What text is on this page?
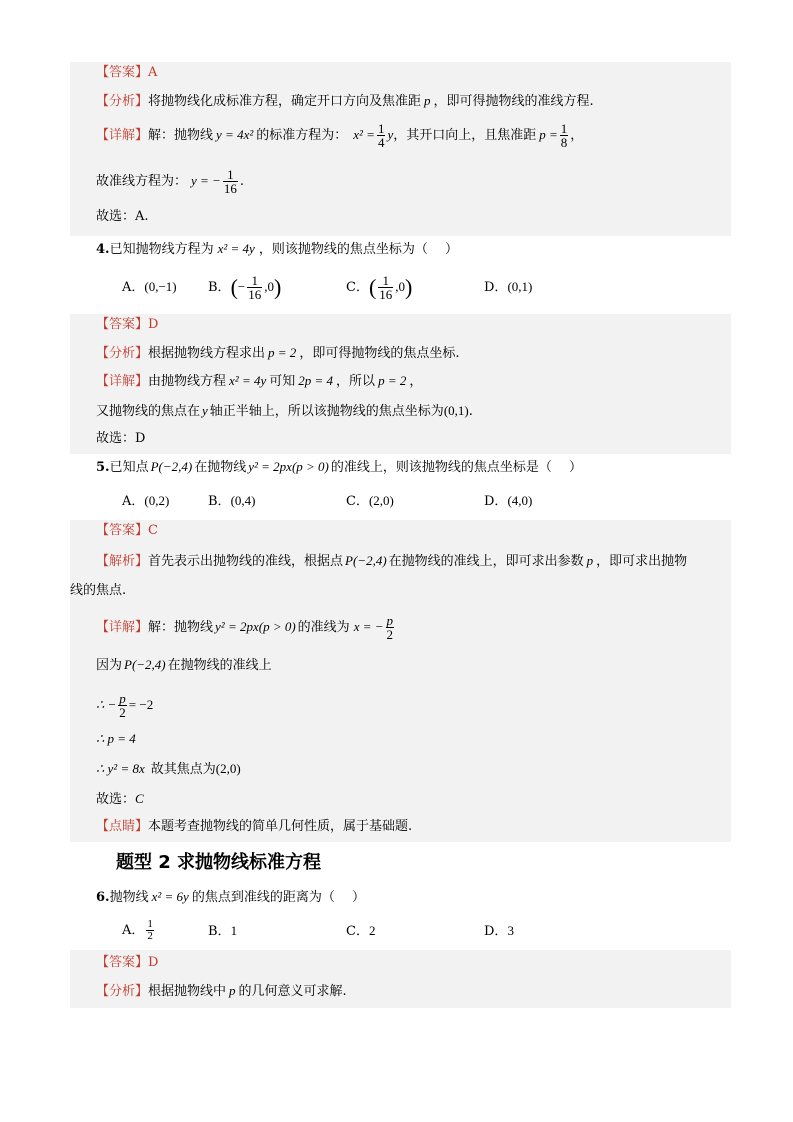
【答案】A
【分析】将抛物线化成标准方程，确定开口方向及焦准距 p ，即可得抛物线的准线方程.
【详解】解：抛物线 y = 4x² 的标准方程为： $x^2 = \frac{1}{4}$ y，其开口向上，且焦准距 $p = \frac{1}{8}$ ，
故准线方程为： y = − $\frac{1}{16}$ .
故选：A.
4.已知抛物线方程为 x² = 4y ，则该抛物线的焦点坐标为（　 ）
A．(0,−1) B．(− $\frac{1}{16} ,0$)	C．( $\frac{1}{16} ,0$)	D．(0,1)
【答案】D
【分析】根据抛物线方程求出 p = 2 ，即可得抛物线的焦点坐标.
【详解】由抛物线方程 x² = 4y 可知 2p = 4 ，所以 p = 2 ，
又抛物线的焦点在 y 轴正半轴上，所以该抛物线的焦点坐标为(0,1).
故选：D
5.已知点 P(−2,4) 在抛物线 y² = 2px(p > 0) 的准线上，则该抛物线的焦点坐标是（　 ）
A．(0,2)	B．(0,4)	C．(2,0)	D．(4,0)
【答案】C
【解析】首先表示出抛物线的准线，根据点 P(−2,4) 在抛物线的准线上，即可求出参数 p ，即可求出抛物
线的焦点.
【详解】解：抛物线 y² = 2px(p > 0) 的准线为 x = − $\frac{p}{2}$
因为 P(−2,4) 在抛物线的准线上
∴ − $\frac{p}{2} = -2$
∴ p = 4
∴ y² = 8x 故其焦点为(2,0)
故选：C
【点睛】本题考查抛物线的简单几何性质，属于基础题.
题型 2 求抛物线标准方程
6.抛物线 x² = 6y 的焦点到准线的距离为（　 ）
A． $\frac{1}{2}$	B．1	C．2	D．3
【答案】D
【分析】根据抛物线中 p 的几何意义可求解.
